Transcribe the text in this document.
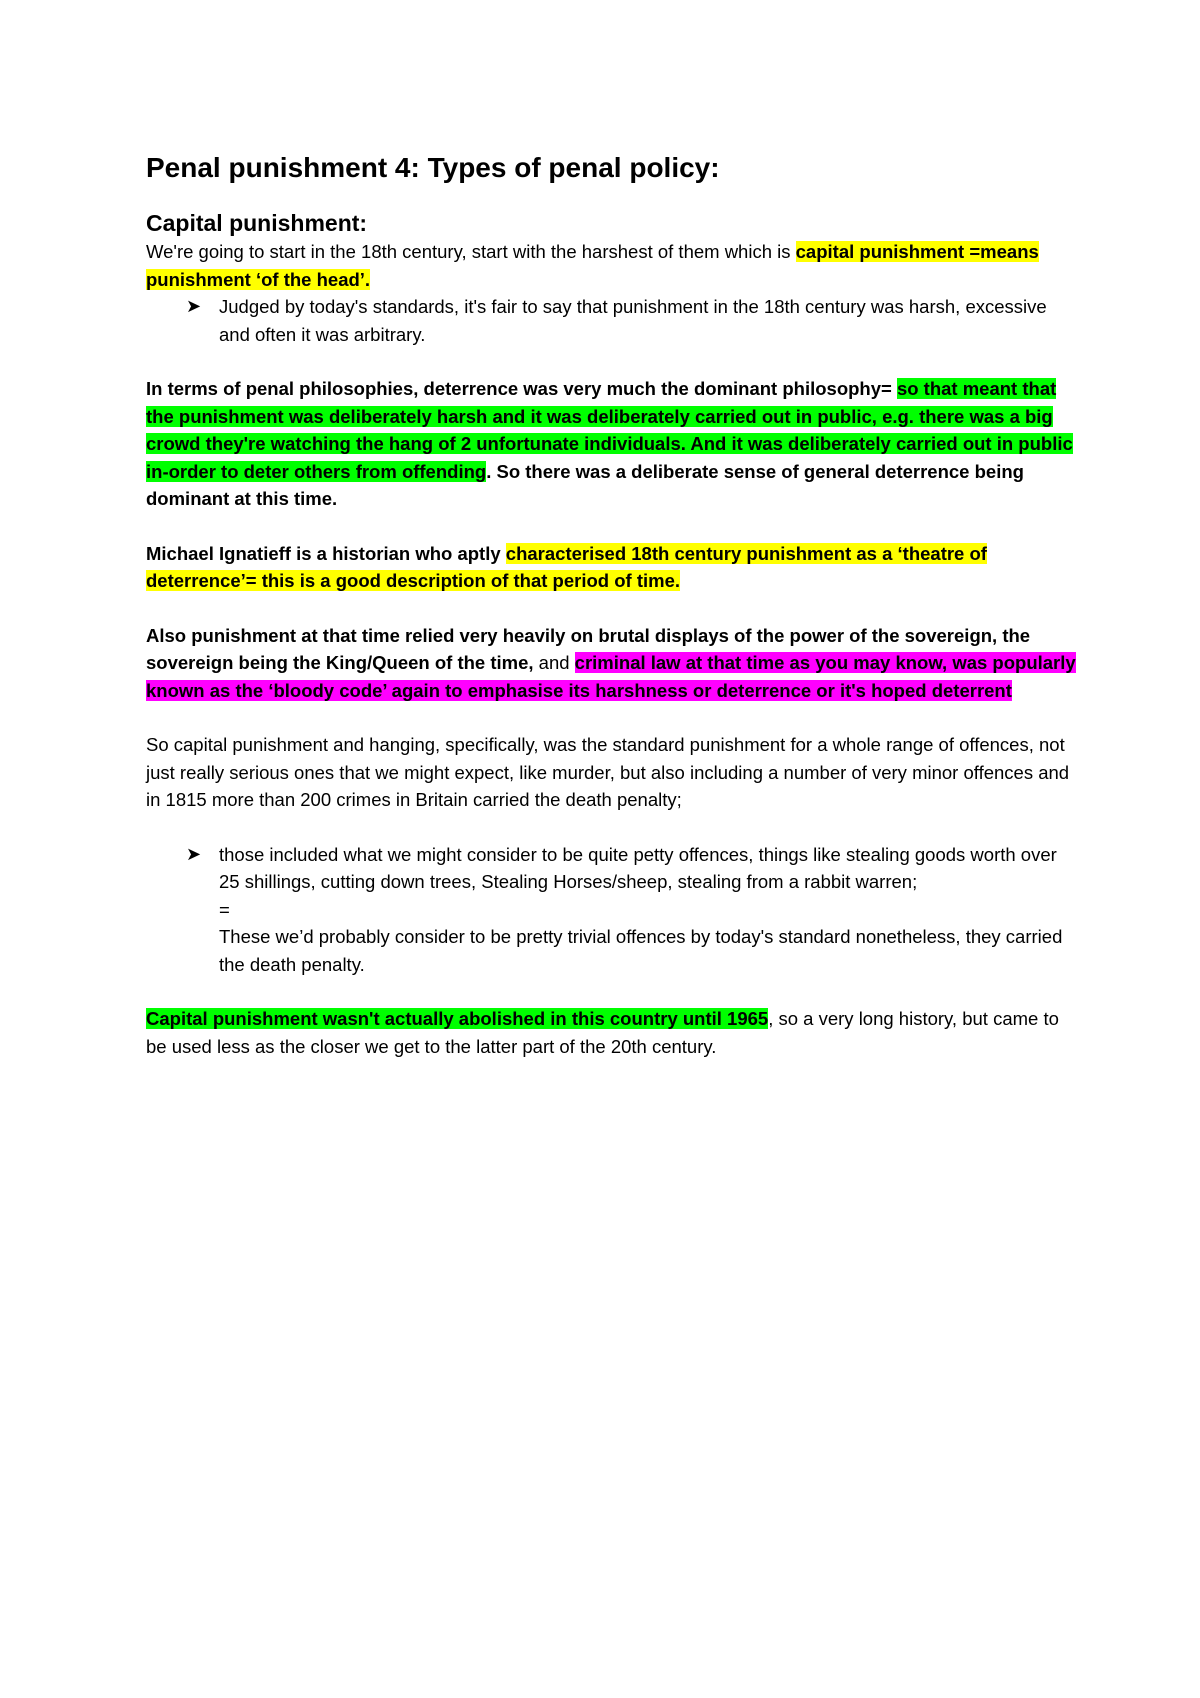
Penal punishment 4: Types of penal policy:
Capital punishment:

We're going to start in the 18th century, start with the harshest of them which is capital punishment =means punishment ‘of the head’.

➤ Judged by today's standards, it's fair to say that punishment in the 18th century was harsh, excessive and often it was arbitrary.

In terms of penal philosophies, deterrence was very much the dominant philosophy= so that meant that the punishment was deliberately harsh and it was deliberately carried out in public, e.g. there was a big crowd they're watching the hang of 2 unfortunate individuals. And it was deliberately carried out in public in-order to deter others from offending. So there was a deliberate sense of general deterrence being dominant at this time.

Michael Ignatieff is a historian who aptly characterised 18th century punishment as a ‘theatre of deterrence’= this is a good description of that period of time.

Also punishment at that time relied very heavily on brutal displays of the power of the sovereign, the sovereign being the King/Queen of the time, and criminal law at that time as you may know, was popularly known as the ‘bloody code’ again to emphasise its harshness or deterrence or it's hoped deterrent

So capital punishment and hanging, specifically, was the standard punishment for a whole range of offences, not just really serious ones that we might expect, like murder, but also including a number of very minor offences and in 1815 more than 200 crimes in Britain carried the death penalty;

➤ those included what we might consider to be quite petty offences, things like stealing goods worth over 25 shillings, cutting down trees, Stealing Horses/sheep, stealing from a rabbit warren;
=
These we’d probably consider to be pretty trivial offences by today's standard nonetheless, they carried the death penalty.

Capital punishment wasn't actually abolished in this country until 1965, so a very long history, but came to be used less as the closer we get to the latter part of the 20th century.
